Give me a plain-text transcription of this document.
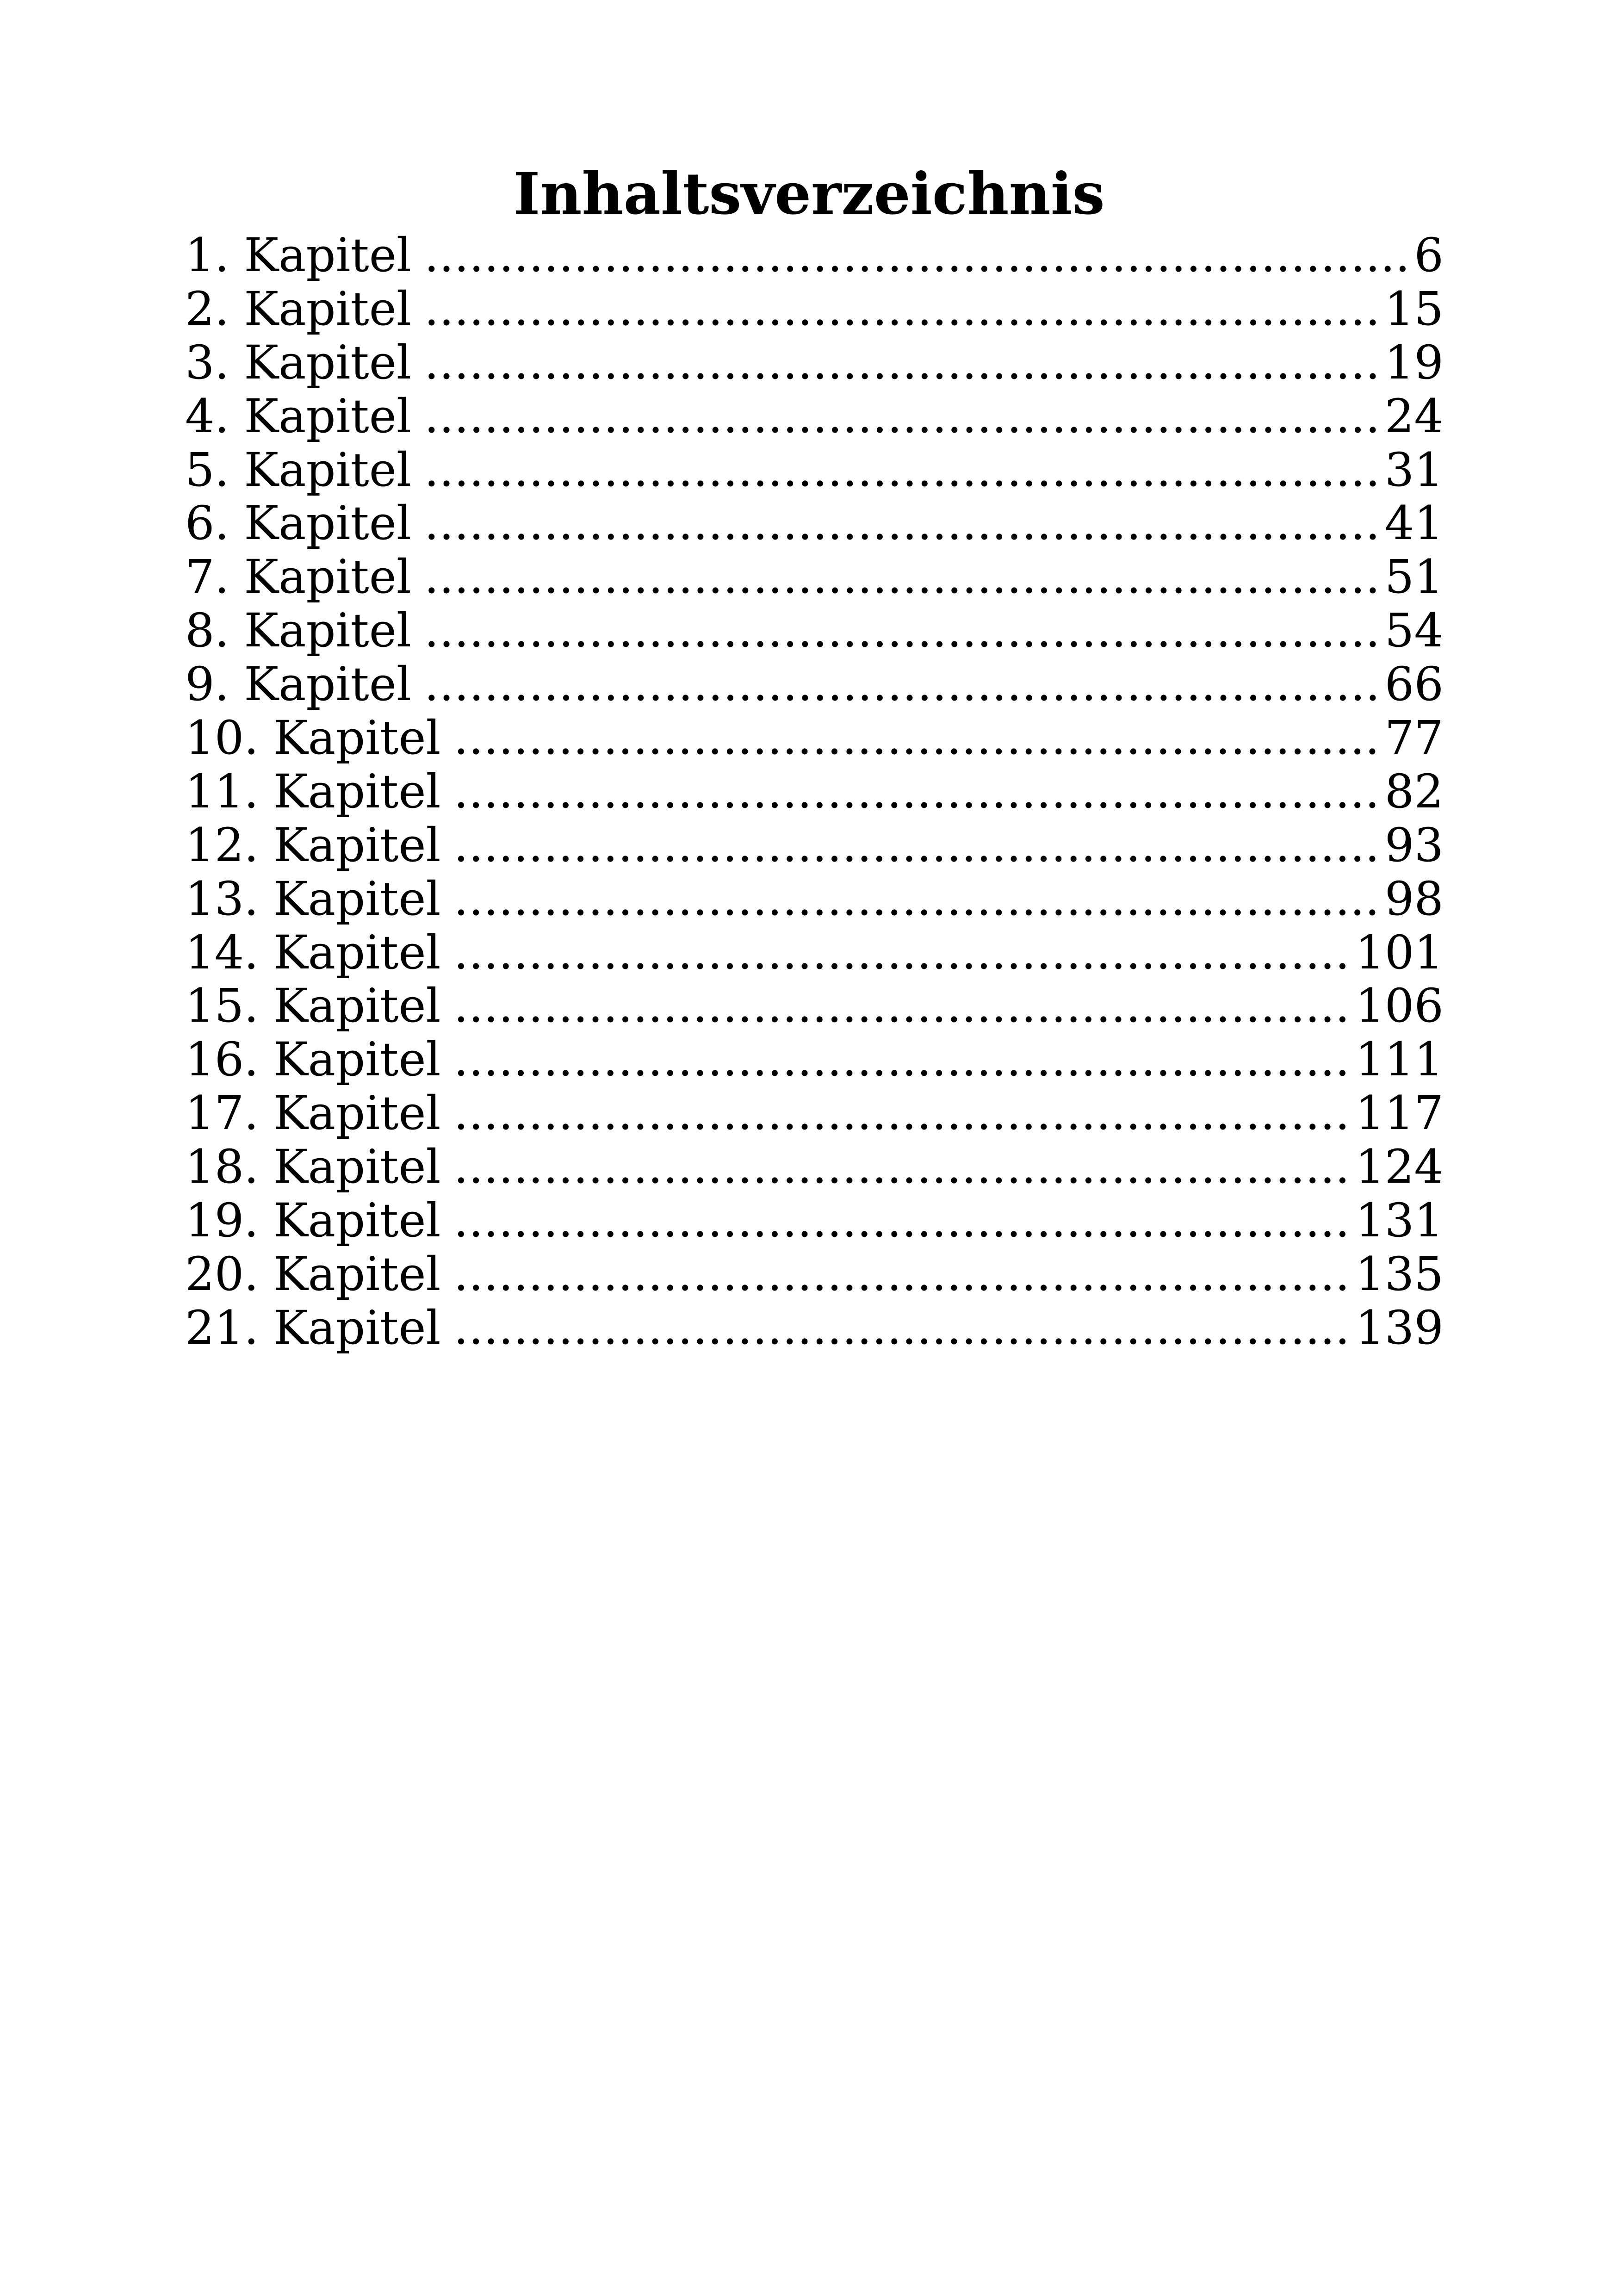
Inhaltsverzeichnis
1. Kapitel .....	6
2. Kapitel .....	15
3. Kapitel .....	19
4. Kapitel .....	24
5. Kapitel .....	31
6. Kapitel .....	41
7. Kapitel .....	51
8. Kapitel .....	54
9. Kapitel .....	66
10. Kapitel .....	77
11. Kapitel .....	82
12. Kapitel .....	93
13. Kapitel .....	98
14. Kapitel .....	101
15. Kapitel .....	106
16. Kapitel .....	111
17. Kapitel .....	117
18. Kapitel .....	124
19. Kapitel .....	131
20. Kapitel .....	135
21. Kapitel .....	139
